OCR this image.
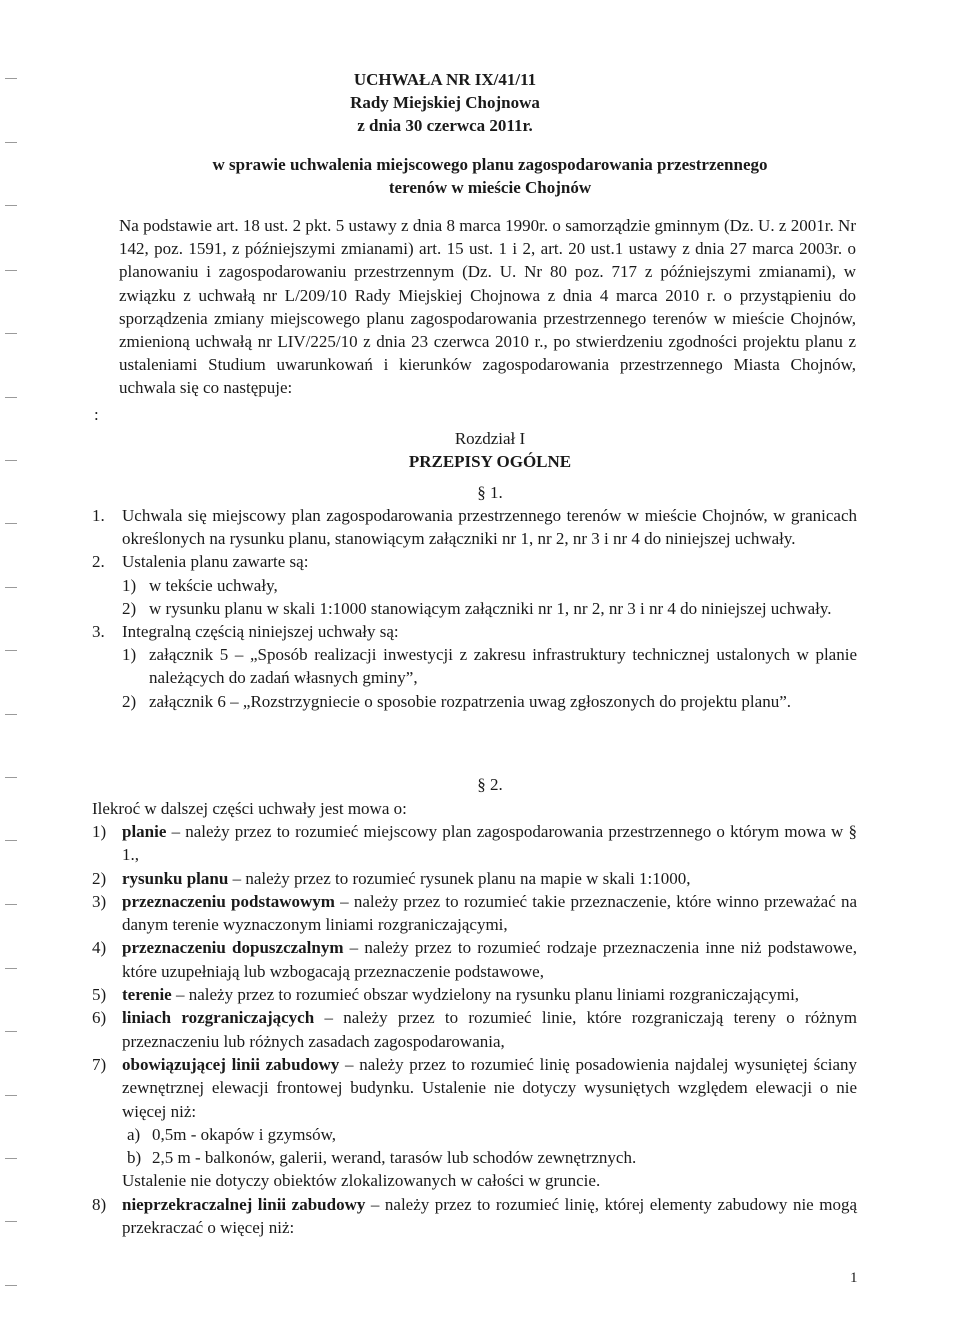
UCHWAŁA NR IX/41/11
Rady Miejskiej Chojnowa
z dnia 30 czerwca 2011r.
w sprawie uchwalenia miejscowego planu zagospodarowania przestrzennego
terenów w mieście Chojnów
Na podstawie art. 18 ust. 2 pkt. 5 ustawy z dnia 8 marca 1990r. o samorządzie gminnym (Dz. U. z 2001r. Nr 142, poz. 1591, z późniejszymi zmianami) art. 15 ust. 1 i 2, art. 20 ust.1 ustawy z dnia 27 marca 2003r. o planowaniu i zagospodarowaniu przestrzennym (Dz. U. Nr 80 poz. 717 z późniejszymi zmianami), w związku z uchwałą nr L/209/10 Rady Miejskiej Chojnowa z dnia 4 marca 2010 r. o przystąpieniu do sporządzenia zmiany miejscowego planu zagospodarowania przestrzennego terenów w mieście Chojnów, zmienioną uchwałą nr LIV/225/10 z dnia 23 czerwca 2010 r., po stwierdzeniu zgodności projektu planu z ustaleniami Studium uwarunkowań i kierunków zagospodarowania przestrzennego Miasta Chojnów, uchwala się co następuje:
:
Rozdział I
PRZEPISY OGÓLNE
§ 1.
1. Uchwala się miejscowy plan zagospodarowania przestrzennego terenów w mieście Chojnów, w granicach określonych na rysunku planu, stanowiącym załączniki nr 1, nr 2, nr 3 i nr 4 do niniejszej uchwały.
2. Ustalenia planu zawarte są:
1) w tekście uchwały,
2) w rysunku planu w skali 1:1000 stanowiącym załączniki nr 1, nr 2, nr 3 i nr 4 do niniejszej uchwały.
3. Integralną częścią niniejszej uchwały są:
1) załącznik 5 – „Sposób realizacji inwestycji z zakresu infrastruktury technicznej ustalonych w planie należących do zadań własnych gminy”,
2) załącznik 6 – „Rozstrzygniecie o sposobie rozpatrzenia uwag zgłoszonych do projektu planu”.
§ 2.
Ilekroć w dalszej części uchwały jest mowa o:
1) planie – należy przez to rozumieć miejscowy plan zagospodarowania przestrzennego o którym mowa w § 1.,
2) rysunku planu – należy przez to rozumieć rysunek planu na mapie w skali 1:1000,
3) przeznaczeniu podstawowym – należy przez to rozumieć takie przeznaczenie, które winno przeważać na danym terenie wyznaczonym liniami rozgraniczającymi,
4) przeznaczeniu dopuszczalnym – należy przez to rozumieć rodzaje przeznaczenia inne niż podstawowe, które uzupełniają lub wzbogacają przeznaczenie podstawowe,
5) terenie – należy przez to rozumieć obszar wydzielony na rysunku planu liniami rozgraniczającymi,
6) liniach rozgraniczających – należy przez to rozumieć linie, które rozgraniczają tereny o różnym przeznaczeniu lub różnych zasadach zagospodarowania,
7) obowiązującej linii zabudowy – należy przez to rozumieć linię posadowienia najdalej wysuniętej ściany zewnętrznej elewacji frontowej budynku. Ustalenie nie dotyczy wysuniętych względem elewacji o nie więcej niż:
a) 0,5m - okapów i gzymsów,
b) 2,5 m - balkonów, galerii, werand, tarasów lub schodów zewnętrznych.
Ustalenie nie dotyczy obiektów zlokalizowanych w całości w gruncie.
8) nieprzekraczalnej linii zabudowy – należy przez to rozumieć linię, której elementy zabudowy nie mogą przekraczać o więcej niż:
1
